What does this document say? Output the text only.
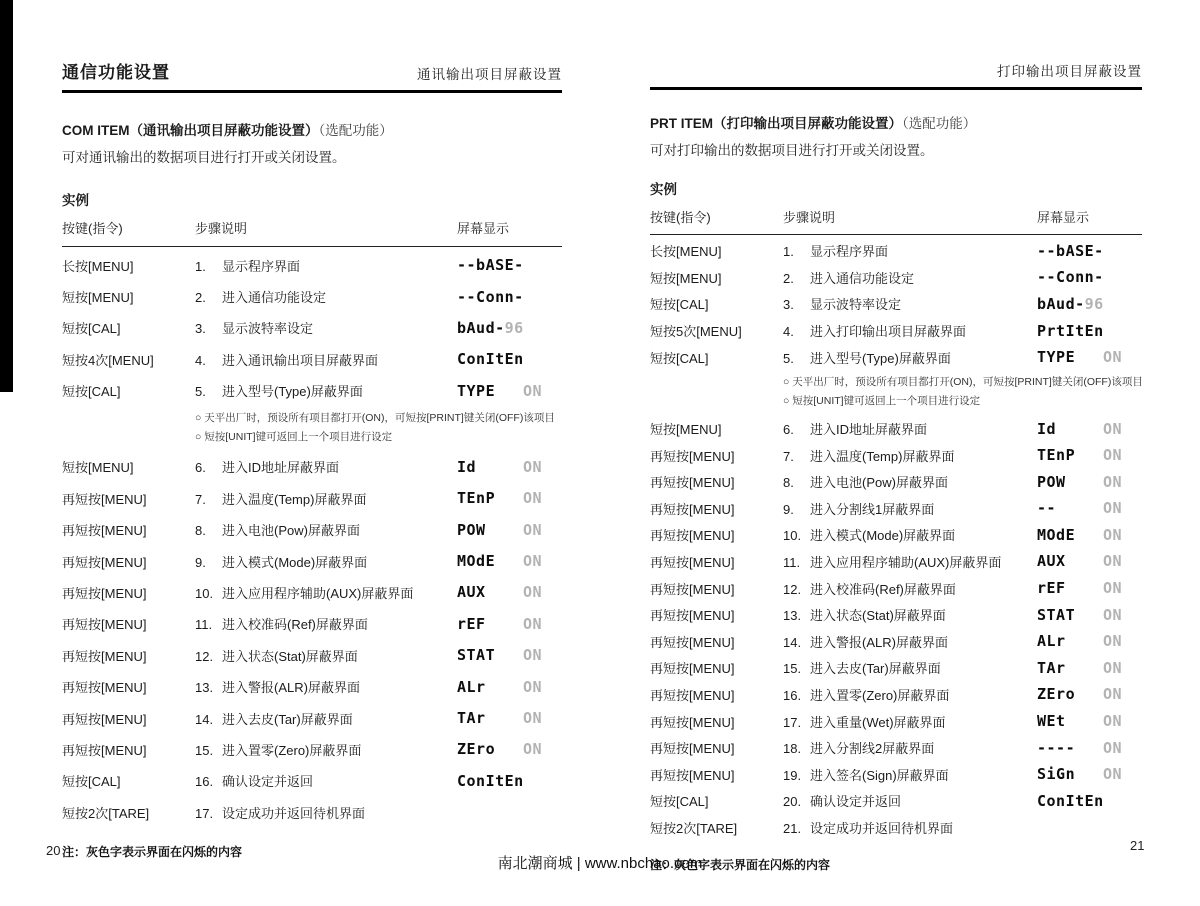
通信功能设置	通讯输出项目屏蔽设置
COM ITEM（通讯输出项目屏蔽功能设置）（选配功能）
可对通讯输出的数据项目进行打开或关闭设置。
实例
按键(指令)	步骤说明	屏幕显示
长按[MENU]	1. 显示程序界面	--bASE-
短按[MENU]	2. 进入通信功能设定	--Conn-
短按[CAL]	3. 显示波特率设定	bAud-96
短按4次[MENU]	4. 进入通讯输出项目屏蔽界面	ConItEn
短按[CAL]	5. 进入型号(Type)屏蔽界面	TYPE ON
○ 天平出厂时，预设所有项目都打开(ON)，可短按[PRINT]键关闭(OFF)该项目
○ 短按[UNIT]键可返回上一个项目进行设定
短按[MENU]	6. 进入ID地址屏蔽界面	Id	ON
再短按[MENU]	7. 进入温度(Temp)屏蔽界面	TEnP ON
再短按[MENU]	8. 进入电池(Pow)屏蔽界面	POW ON
再短按[MENU]	9. 进入模式(Mode)屏蔽界面	MOdE ON
再短按[MENU]	10. 进入应用程序辅助(AUX)屏蔽界面	AUX ON
再短按[MENU]	11. 进入校准码(Ref)屏蔽界面	rEF ON
再短按[MENU]	12. 进入状态(Stat)屏蔽界面	STAT ON
再短按[MENU]	13. 进入警报(ALR)屏蔽界面	ALr ON
再短按[MENU]	14. 进入去皮(Tar)屏蔽界面	TAr ON
再短按[MENU]	15. 进入置零(Zero)屏蔽界面	ZEro ON
短按[CAL]	16. 确认设定并返回	ConItEn
短按2次[TARE]	17. 设定成功并返回待机界面
注：灰色字表示界面在闪烁的内容
打印输出项目屏蔽设置
PRT ITEM（打印输出项目屏蔽功能设置）（选配功能）
可对打印输出的数据项目进行打开或关闭设置。
实例
按键(指令)	步骤说明	屏幕显示
长按[MENU]	1. 显示程序界面	--bASE-
短按[MENU]	2. 进入通信功能设定	--Conn-
短按[CAL]	3. 显示波特率设定	bAud-96
短按5次[MENU]	4. 进入打印输出项目屏蔽界面	PrtItEn
短按[CAL]	5. 进入型号(Type)屏蔽界面	TYPE ON
○ 天平出厂时，预设所有项目都打开(ON)，可短按[PRINT]键关闭(OFF)该项目
○ 短按[UNIT]键可返回上一个项目进行设定
短按[MENU]	6. 进入ID地址屏蔽界面	Id	ON
再短按[MENU]	7. 进入温度(Temp)屏蔽界面	TEnP ON
再短按[MENU]	8. 进入电池(Pow)屏蔽界面	POW ON
再短按[MENU]	9. 进入分割线1屏蔽界面	--	ON
再短按[MENU]	10. 进入模式(Mode)屏蔽界面	MOdE ON
再短按[MENU]	11. 进入应用程序辅助(AUX)屏蔽界面	AUX ON
再短按[MENU]	12. 进入校准码(Ref)屏蔽界面	rEF ON
再短按[MENU]	13. 进入状态(Stat)屏蔽界面	STAT ON
再短按[MENU]	14. 进入警报(ALR)屏蔽界面	ALr ON
再短按[MENU]	15. 进入去皮(Tar)屏蔽界面	TAr ON
再短按[MENU]	16. 进入置零(Zero)屏蔽界面	ZEro ON
再短按[MENU]	17. 进入重量(Wet)屏蔽界面	WEt ON
再短按[MENU]	18. 进入分割线2屏蔽界面	---- ON
再短按[MENU]	19. 进入签名(Sign)屏蔽界面	SiGn ON
短按[CAL]	20. 确认设定并返回	ConItEn
短按2次[TARE]	21. 设定成功并返回待机界面
注：灰色字表示界面在闪烁的内容
20	21
南北潮商城 | www.nbchao.com
